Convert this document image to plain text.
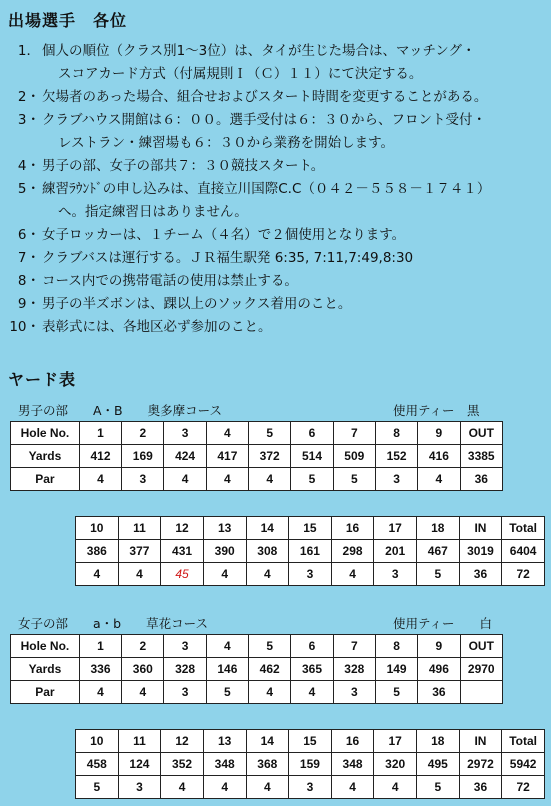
出場選手　各位
1． 個人の順位（クラス別1～3位）は、タイが生じた場合は、マッチング・
スコアカード方式（付属規則Ｉ（Ｃ）１１）にて決定する。
2・ 欠場者のあった場合、組合せおよびスタート時間を変更することがある。
3・ クラブハウス開館は６：００。選手受付は６：３０から、フロント受付・
レストラン・練習場も６：３０から業務を開始します。
4・ 男子の部、女子の部共７：３０競技スタート。
5・ 練習ﾗｳﾝﾄﾞの申し込みは、直接立川国際C.C（０４２－５５８－１７４１）
へ。指定練習日はありません。
6・ 女子ロッカーは、１チーム（４名）で２個使用となります。
7・ クラブバスは運行する。ＪＲ福生駅発 6:35, 7:11,7:49,8:30
8・ コース内での携帯電話の使用は禁止する。
9・ 男子の半ズボンは、踝以上のソックス着用のこと。
10・ 表彰式には、各地区必ず参加のこと。
ヤード表
男子の部　　A・B　　奥多摩コース	使用ティー　黒
Hole No.	1	2	3	4	5	6	7	8	9	OUT
Yards	412	169	424	417	372	514	509	152	416	3385
Par	4	3	4	4	4	5	5	3	4	36
10	11	12	13	14	15	16	17	18	IN	Total
386	377	431	390	308	161	298	201	467	3019	6404
4	4	45	4	4	3	4	3	5	36	72
女子の部　　a・b　　草花コース	使用ティー　　白
Hole No.	1	2	3	4	5	6	7	8	9	OUT
Yards	336	360	328	146	462	365	328	149	496	2970
Par	4	4	3	5	4	4	3	5	36	
10	11	12	13	14	15	16	17	18	IN	Total
458	124	352	348	368	159	348	320	495	2972	5942
5	3	4	4	4	3	4	4	5	36	72
